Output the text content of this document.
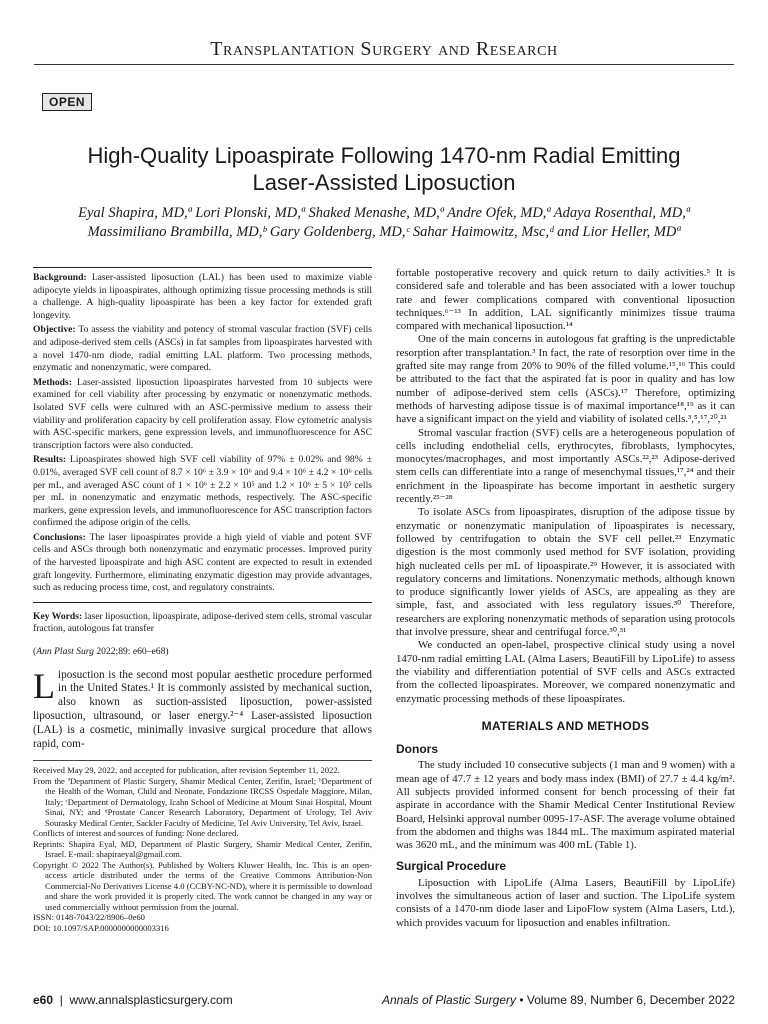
Transplantation Surgery and Research
OPEN
High-Quality Lipoaspirate Following 1470-nm Radial Emitting
Laser-Assisted Liposuction
Eyal Shapira, MD,ª Lori Plonski, MD,ª Shaked Menashe, MD,ª Andre Ofek, MD,ª Adaya Rosenthal, MD,ª
Massimiliano Brambilla, MD,ᵇ Gary Goldenberg, MD,ᶜ Sahar Haimowitz, Msc,ᵈ and Lior Heller, MDª

Background: Laser-assisted liposuction (LAL) has been used to maximize viable adipocyte yields in lipoaspirates, although optimizing tissue processing methods is still a challenge. A high-quality lipoaspirate has been a key factor for extended graft longevity.

Objective: To assess the viability and potency of stromal vascular fraction (SVF) cells and adipose-derived stem cells (ASCs) in fat samples from lipoaspirates harvested with a novel 1470-nm diode, radial emitting LAL platform. Two processing methods, enzymatic and nonenzymatic, were compared.

Methods: Laser-assisted liposuction lipoaspirates harvested from 10 subjects were examined for cell viability after processing by enzymatic or nonenzymatic methods. Isolated SVF cells were cultured with an ASC-permissive medium to assess their viability and proliferation capacity by cell proliferation assay. Flow cytometric analysis with ASC-specific markers, gene expression levels, and immunofluorescence for ASC transcription factors were also conducted.

Results: Lipoaspirates showed high SVF cell viability of 97% ± 0.02% and 98% ± 0.01%, averaged SVF cell count of 8.7 × 10⁶ ± 3.9 × 10⁶ and 9.4 × 10⁶ ± 4.2 × 10⁶ cells per mL, and averaged ASC count of 1 × 10⁶ ± 2.2 × 10⁵ and 1.2 × 10⁶ ± 5 × 10⁵ cells per mL in nonenzymatic and enzymatic methods, respectively. The ASC-specific markers, gene expression levels, and immunofluorescence for ASC transcription factors confirmed the adipose origin of the cells.

Conclusions: The laser lipoaspirates provide a high yield of viable and potent SVF cells and ASCs through both nonenzymatic and enzymatic processes. Improved purity of the harvested lipoaspirate and high ASC content are expected to result in extended graft longevity. Furthermore, eliminating enzymatic digestion may provide advantages, such as reducing process time, cost, and regulatory constraints.

Key Words: laser liposuction, lipoaspirate, adipose-derived stem cells, stromal vascular fraction, autologous fat transfer

(Ann Plast Surg 2022;89: e60–e68)

Liposuction is the second most popular aesthetic procedure performed in the United States.¹ It is commonly assisted by mechanical suction, also known as suction-assisted liposuction, power-assisted liposuction, ultrasound, or laser energy.²⁻⁴ Laser-assisted liposuction (LAL) is a cosmetic, minimally invasive surgical procedure that allows rapid, com-

Received May 29, 2022, and accepted for publication, after revision September 11, 2022.

From the ªDepartment of Plastic Surgery, Shamir Medical Center, Zerifin, Israel; ᵇDepartment of the Health of the Woman, Child and Neonate, Fondazione IRCSS Ospedale Maggiore, Milan, Italy; ᶜDepartment of Dermatology, Icahn School of Medicine at Mount Sinai Hospital, Mount Sinai, NY; and ᵈProstate Cancer Research Laboratory, Department of Urology, Tel Aviv Sourasky Medical Center, Sackler Faculty of Medicine, Tel Aviv University, Tel Aviv, Israel.

Conflicts of interest and sources of funding: None declared.

Reprints: Shapira Eyal, MD, Department of Plastic Surgery, Shamir Medical Center, Zerifin, Israel. E-mail: shapiraeyal@gmail.com.

Copyright © 2022 The Author(s). Published by Wolters Kluwer Health, Inc. This is an open-access article distributed under the terms of the Creative Commons Attribution-Non Commercial-No Derivatives License 4.0 (CCBY-NC-ND), where it is permissible to download and share the work provided it is properly cited. The work cannot be changed in any way or used commercially without permission from the journal.

ISSN: 0148-7043/22/8906–0e60

DOI: 10.1097/SAP.0000000000003316

fortable postoperative recovery and quick return to daily activities.⁵ It is considered safe and tolerable and has been associated with a lower touchup rate and fewer complications compared with conventional liposuction techniques.⁶⁻¹³ In addition, LAL significantly minimizes tissue trauma compared with mechanical liposuction.¹⁴

One of the main concerns in autologous fat grafting is the unpredictable resorption after transplantation.³ In fact, the rate of resorption over time in the grafted site may range from 20% to 90% of the filled volume.¹⁵,¹⁶ This could be attributed to the fact that the aspirated fat is poor in quality and has low number of adipose-derived stem cells (ASCs).¹⁷ Therefore, optimizing methods of harvesting adipose tissue is of maximal importance¹⁸,¹⁹ as it can have a significant impact on the yield and viability of isolated cells.³,⁵,¹⁷,²⁰,²¹

Stromal vascular fraction (SVF) cells are a heterogeneous population of cells including endothelial cells, erythrocytes, fibroblasts, lymphocytes, monocytes/macrophages, and most importantly ASCs.²²,²³ Adipose-derived stem cells can differentiate into a range of mesenchymal tissues,¹⁷,²⁴ and their enrichment in the lipoaspirate has become important in aesthetic surgery recently.²⁵⁻²⁸

To isolate ASCs from lipoaspirates, disruption of the adipose tissue by enzymatic or nonenzymatic manipulation of lipoaspirates is necessary, followed by centrifugation to obtain the SVF cell pellet.²³ Enzymatic digestion is the most commonly used method for SVF isolation, providing high nucleated cells per mL of lipoaspirate.²⁹ However, it is associated with regulatory concerns and limitations. Nonenzymatic methods, although known to produce significantly lower yields of ASCs, are appealing as they are simple, fast, and associated with less regulatory issues.³⁰ Therefore, researchers are exploring nonenzymatic methods of separation using protocols that involve pressure, shear and centrifugal force.³⁰,³¹

We conducted an open-label, prospective clinical study using a novel 1470-nm radial emitting LAL (Alma Lasers, BeautiFill by LipoLife) to assess the viability and differentiation potential of SVF cells and ASCs extracted from the collected lipoaspirates. Moreover, we compared nonenzymatic and enzymatic processing methods of these lipoaspirates.

MATERIALS AND METHODS
Donors

The study included 10 consecutive subjects (1 man and 9 women) with a mean age of 47.7 ± 12 years and body mass index (BMI) of 27.7 ± 4.4 kg/m². All subjects provided informed consent for bench processing of their fat aspirate in accordance with the Shamir Medical Center Institutional Review Board, Helsinki approval number 0095-17-ASF. The average volume obtained from the abdomen and thighs was 1844 mL. The maximum aspirated material was 3620 mL, and the minimum was 400 mL (Table 1).

Surgical Procedure

Liposuction with LipoLife (Alma Lasers, BeautiFill by LipoLife) involves the simultaneous action of laser and suction. The LipoLife system consists of a 1470-nm diode laser and LipoFlow system (Alma Lasers, Ltd.), which provides vacuum for liposuction and enables infiltration.

e60  |  www.annalsplasticsurgery.com	Annals of Plastic Surgery • Volume 89, Number 6, December 2022
